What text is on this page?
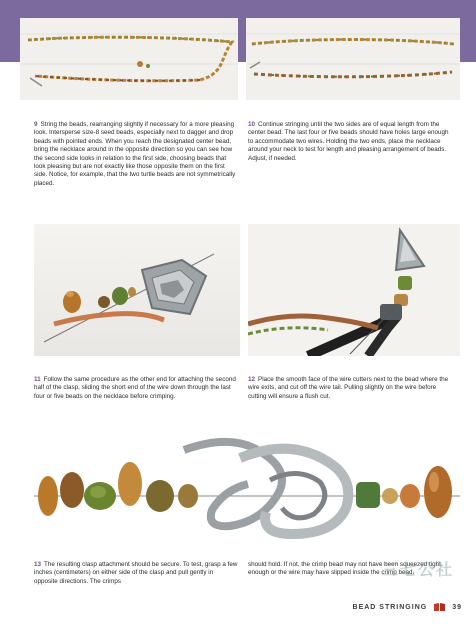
9 String the beads, rearranging slightly if necessary for a more pleasing look. Intersperse size-8 seed beads, especially next to dagger and drop beads with pointed ends. When you reach the designated center bead, bring the necklace around in the opposite direction so you can see how the second side looks in relation to the first side, choosing beads that look pleasing but are not exactly like those opposite them on the first side. Notice, for example, that the two turtle beads are not symmetrically placed.

10 Continue stringing until the two sides are of equal length from the center bead. The last four or five beads should have holes large enough to accommodate two wires. Holding the two ends, place the necklace around your neck to test for length and pleasing arrangement of beads. Adjust, if needed.

11 Follow the same procedure as the other end for attaching the second half of the clasp, sliding the short end of the wire down through the last four or five beads on the necklace before crimping.

12 Place the smooth face of the wire cutters next to the bead where the wire exits, and cut off the wire tail. Pulling slightly on the wire before cutting will ensure a flush cut.

13 The resulting clasp attachment should be secure. To test, grasp a few inches (centimeters) on either side of the clasp and pull gently in opposite directions. The crimps

should hold. If not, the crimp bead may not have been squeezed tight enough or the wire may have slipped inside the crimp bead.

三七公社
BEAD STRINGING	39
